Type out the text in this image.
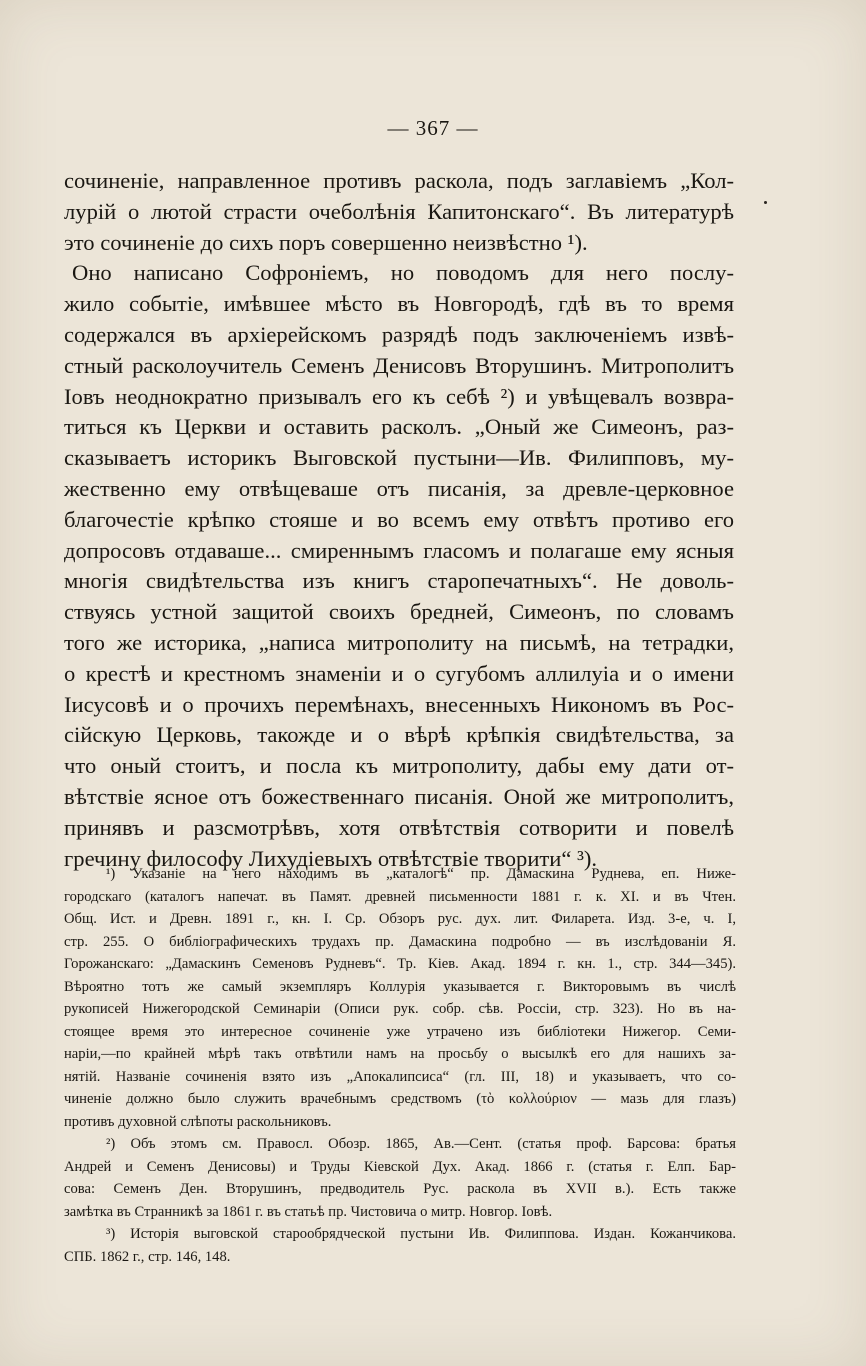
— 367 —
сочиненіе, направленное противъ раскола, подъ заглавіемъ „Кол-
лурій о лютой страсти очеболѣнія Капитонскаго“. Въ литературѣ
это сочиненіе до сихъ поръ совершенно неизвѣстно ¹).
Оно написано Софроніемъ, но поводомъ для него послу-
жило событіе, имѣвшее мѣсто въ Новгородѣ, гдѣ въ то время
содержался въ архіерейскомъ разрядѣ подъ заключеніемъ извѣ-
стный расколоучитель Семенъ Денисовъ Вторушинъ. Митрополитъ
Іовъ неоднократно призывалъ его къ себѣ ²) и увѣщевалъ возвра-
титься къ Церкви и оставить расколъ. „Оный же Симеонъ, раз-
сказываетъ историкъ Выговской пустыни—Ив. Филипповъ, му-
жественно ему отвѣщеваше отъ писанія, за древле-церковное
благочестіе крѣпко стояше и во всемъ ему отвѣтъ противо его
допросовъ отдаваше... смиреннымъ гласомъ и полагаше ему ясныя
многія свидѣтельства изъ книгъ старопечатныхъ“. Не доволь-
ствуясь устной защитой своихъ бредней, Симеонъ, по словамъ
того же историка, „написа митрополиту на письмѣ, на тетрадки,
о крестѣ и крестномъ знаменіи и о сугубомъ аллилуіа и о имени
Іисусовѣ и о прочихъ перемѣнахъ, внесенныхъ Никономъ въ Рос-
сійскую Церковь, такожде и о вѣрѣ крѣпкія свидѣтельства, за
что оный стоитъ, и посла къ митрополиту, дабы ему дати от-
вѣтствіе ясное отъ божественнаго писанія. Оной же митрополитъ,
принявъ и разсмотрѣвъ, хотя отвѣтствія сотворити и повелѣ
гречину философу Лихудіевыхъ отвѣтствіе творити“ ³).
¹) Указаніе на него находимъ въ „каталогѣ“ пр. Дамаскина Руднева, еп. Ниже-
городскаго (каталогъ напечат. въ Памят. древней письменности 1881 г. к. XI. и въ Чтен.
Общ. Ист. и Древн. 1891 г., кн. I. Ср. Обзоръ рус. дух. лит. Филарета. Изд. 3-е, ч. I,
стр. 255. О библіографическихъ трудахъ пр. Дамаскина подробно — въ изслѣдованіи Я.
Горожанскаго: „Дамаскинъ Семеновъ Рудневъ“. Тр. Кіев. Акад. 1894 г. кн. 1., стр. 344—345).
Вѣроятно тотъ же самый экземпляръ Коллурія указывается г. Викторовымъ въ числѣ
рукописей Нижегородской Семинаріи (Описи рук. собр. сѣв. Россіи, стр. 323). Но въ на-
стоящее время это интересное сочиненіе уже утрачено изъ библіотеки Нижегор. Семи-
наріи,—по крайней мѣрѣ такъ отвѣтили намъ на просьбу о высылкѣ его для нашихъ за-
нятій. Названіе сочиненія взято изъ „Апокалипсиса“ (гл. III, 18) и указываетъ, что со-
чиненіе должно было служить врачебнымъ средствомъ (τὸ κολλούριον — мазь для глазъ)
противъ духовной слѣпоты раскольниковъ.
²) Объ этомъ см. Правосл. Обозр. 1865, Ав.—Сент. (статья проф. Барсова: братья
Андрей и Семенъ Денисовы) и Труды Кіевской Дух. Акад. 1866 г. (статья г. Елп. Бар-
сова: Семенъ Ден. Вторушинъ, предводитель Рус. раскола въ XVII в.). Есть также
замѣтка въ Странникѣ за 1861 г. въ статьѣ пр. Чистовича о митр. Новгор. Іовѣ.
³) Исторія выговской старообрядческой пустыни Ив. Филиппова. Издан. Кожанчикова.
СПБ. 1862 г., стр. 146, 148.
